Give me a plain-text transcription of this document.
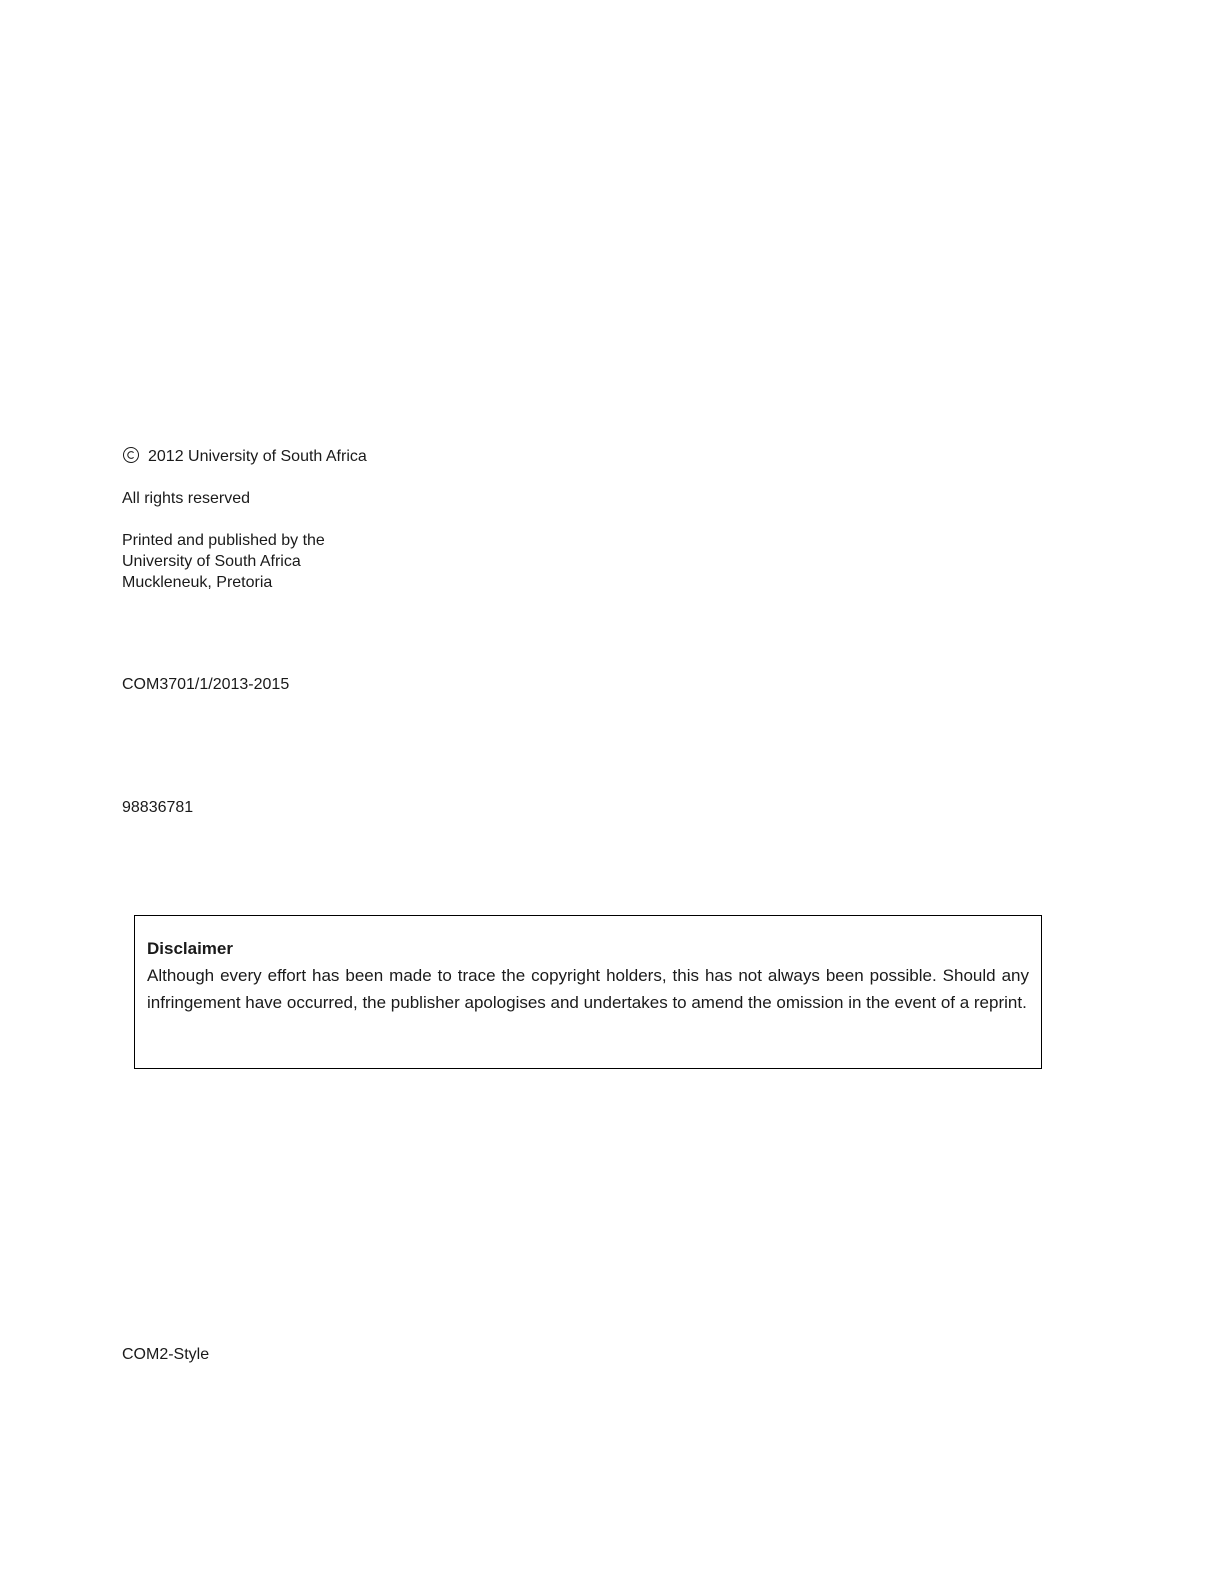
2012 University of South Africa
All rights reserved
Printed and published by the
University of South Africa
Muckleneuk, Pretoria
COM3701/1/2013-2015
98836781
Disclaimer
Although every effort has been made to trace the copyright holders, this has not always been possible. Should any infringement have occurred, the publisher apologises and undertakes to amend the omission in the event of a reprint.
COM2-Style
